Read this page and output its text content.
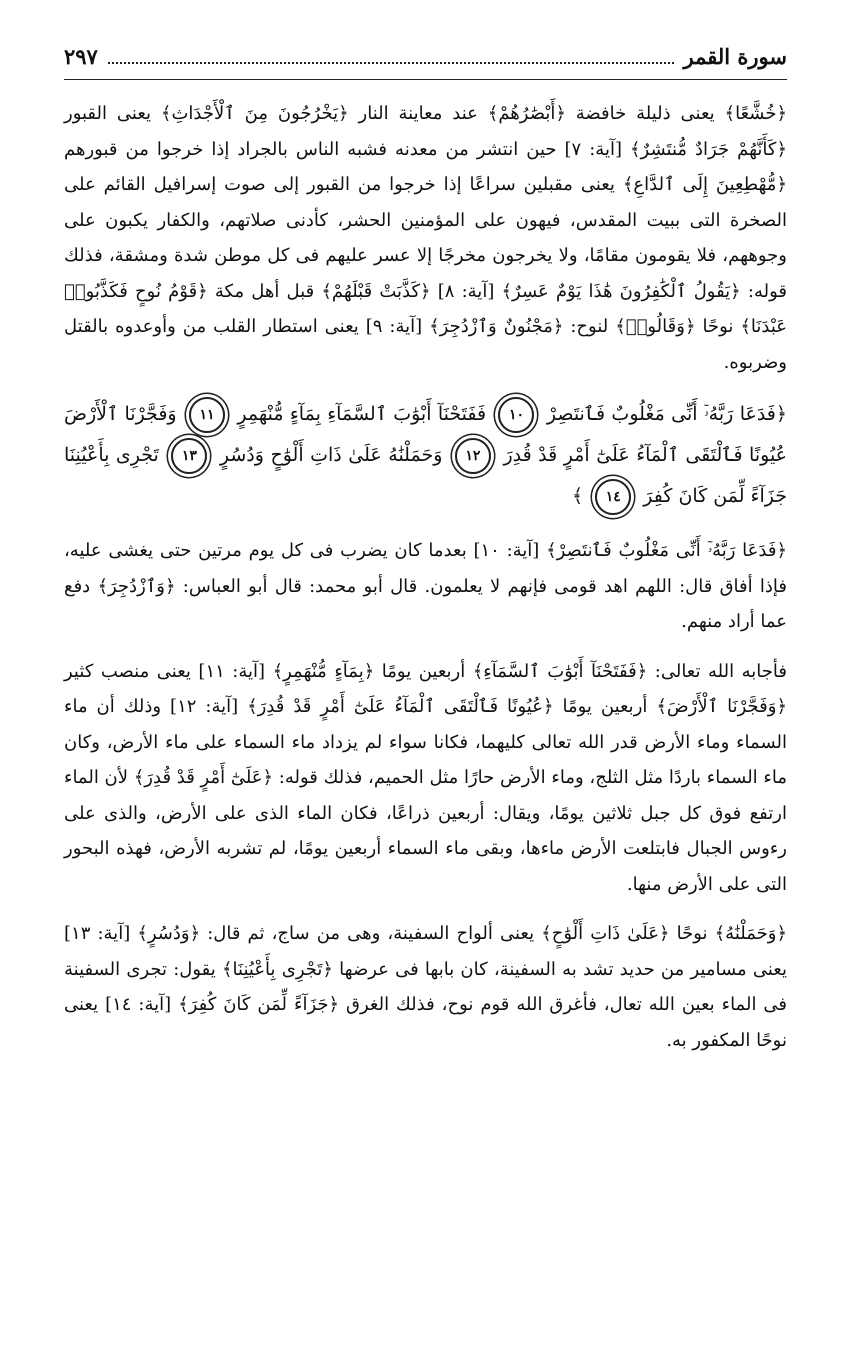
سورة القمر
٢٩٧

﴿خُشَّعًا﴾ يعنى ذليلة خافضة ﴿أَبْصَٰرُهُمْ﴾ عند معاينة النار ﴿يَخْرُجُونَ مِنَ ٱلْأَجْدَاثِ﴾ يعنى القبور ﴿كَأَنَّهُمْ جَرَادٌ مُّنتَشِرٌ﴾ [آية: ٧] حين انتشر من معدنه فشبه الناس بالجراد إذا خرجوا من قبورهم ﴿مُّهْطِعِينَ إِلَى ٱلدَّاعِ﴾ يعنى مقبلين سراعًا إذا خرجوا من القبور إلى صوت إسرافيل القائم على الصخرة التى ببيت المقدس، فيهون على المؤمنين الحشر، كأدنى صلاتهم، والكفار يكبون على وجوههم، فلا يقومون مقامًا، ولا يخرجون مخرجًا إلا عسر عليهم فى كل موطن شدة ومشقة، فذلك قوله: ﴿يَقُولُ ٱلْكَٰفِرُونَ هَٰذَا يَوْمٌ عَسِرٌ﴾ [آية: ٨] ﴿كَذَّبَتْ قَبْلَهُمْ﴾ قبل أهل مكة ﴿قَوْمُ نُوحٍ فَكَذَّبُوا۟ عَبْدَنَا﴾ نوحًا ﴿وَقَالُوا۟﴾ لنوح: ﴿مَجْنُونٌ وَٱزْدُجِرَ﴾ [آية: ٩] يعنى استطار القلب من وأوعدوه بالقتل وضربوه.

﴿فَدَعَا رَبَّهُۥٓ أَنِّى مَغْلُوبٌ فَٱنتَصِرْ ١٠ فَفَتَحْنَآ أَبْوَٰبَ ٱلسَّمَآءِ بِمَآءٍ مُّنْهَمِرٍ ١١ وَفَجَّرْنَا ٱلْأَرْضَ عُيُونًا فَٱلْتَقَى ٱلْمَآءُ عَلَىٰٓ أَمْرٍ قَدْ قُدِرَ ١٢ وَحَمَلْنَٰهُ عَلَىٰ ذَاتِ أَلْوَٰحٍ وَدُسُرٍ ١٣ تَجْرِى بِأَعْيُنِنَا جَزَآءً لِّمَن كَانَ كُفِرَ ١٤ ﴾

﴿فَدَعَا رَبَّهُۥٓ أَنِّى مَغْلُوبٌ فَٱنتَصِرْ﴾ [آية: ١٠] بعدما كان يضرب فى كل يوم مرتين حتى يغشى عليه، فإذا أفاق قال: اللهم اهد قومى فإنهم لا يعلمون. قال أبو محمد: قال أبو العباس: ﴿وَٱزْدُجِرَ﴾ دفع عما أراد منهم.

فأجابه الله تعالى: ﴿فَفَتَحْنَآ أَبْوَٰبَ ٱلسَّمَآءِ﴾ أربعين يومًا ﴿بِمَآءٍ مُّنْهَمِرٍ﴾ [آية: ١١] يعنى منصب كثير ﴿وَفَجَّرْنَا ٱلْأَرْضَ﴾ أربعين يومًا ﴿عُيُونًا فَٱلْتَقَى ٱلْمَآءُ عَلَىٰٓ أَمْرٍ قَدْ قُدِرَ﴾ [آية: ١٢] وذلك أن ماء السماء وماء الأرض قدر الله تعالى كليهما، فكانا سواء لم يزداد ماء السماء على ماء الأرض، وكان ماء السماء باردًا مثل الثلج، وماء الأرض حارًا مثل الحميم، فذلك قوله: ﴿عَلَىٰٓ أَمْرٍ قَدْ قُدِرَ﴾ لأن الماء ارتفع فوق كل جبل ثلاثين يومًا، ويقال: أربعين ذراعًا، فكان الماء الذى على الأرض، والذى على رءوس الجبال فابتلعت الأرض ماءها، وبقى ماء السماء أربعين يومًا، لم تشربه الأرض، فهذه البحور التى على الأرض منها.

﴿وَحَمَلْنَٰهُ﴾ نوحًا ﴿عَلَىٰ ذَاتِ أَلْوَٰحٍ﴾ يعنى ألواح السفينة، وهى من ساج، ثم قال: ﴿وَدُسُرٍ﴾ [آية: ١٣] يعنى مسامير من حديد تشد به السفينة، كان بابها فى عرضها ﴿تَجْرِى بِأَعْيُنِنَا﴾ يقول: تجرى السفينة فى الماء بعين الله تعال، فأغرق الله قوم نوح، فذلك الغرق ﴿جَزَآءً لِّمَن كَانَ كُفِرَ﴾ [آية: ١٤] يعنى نوحًا المكفور به.
